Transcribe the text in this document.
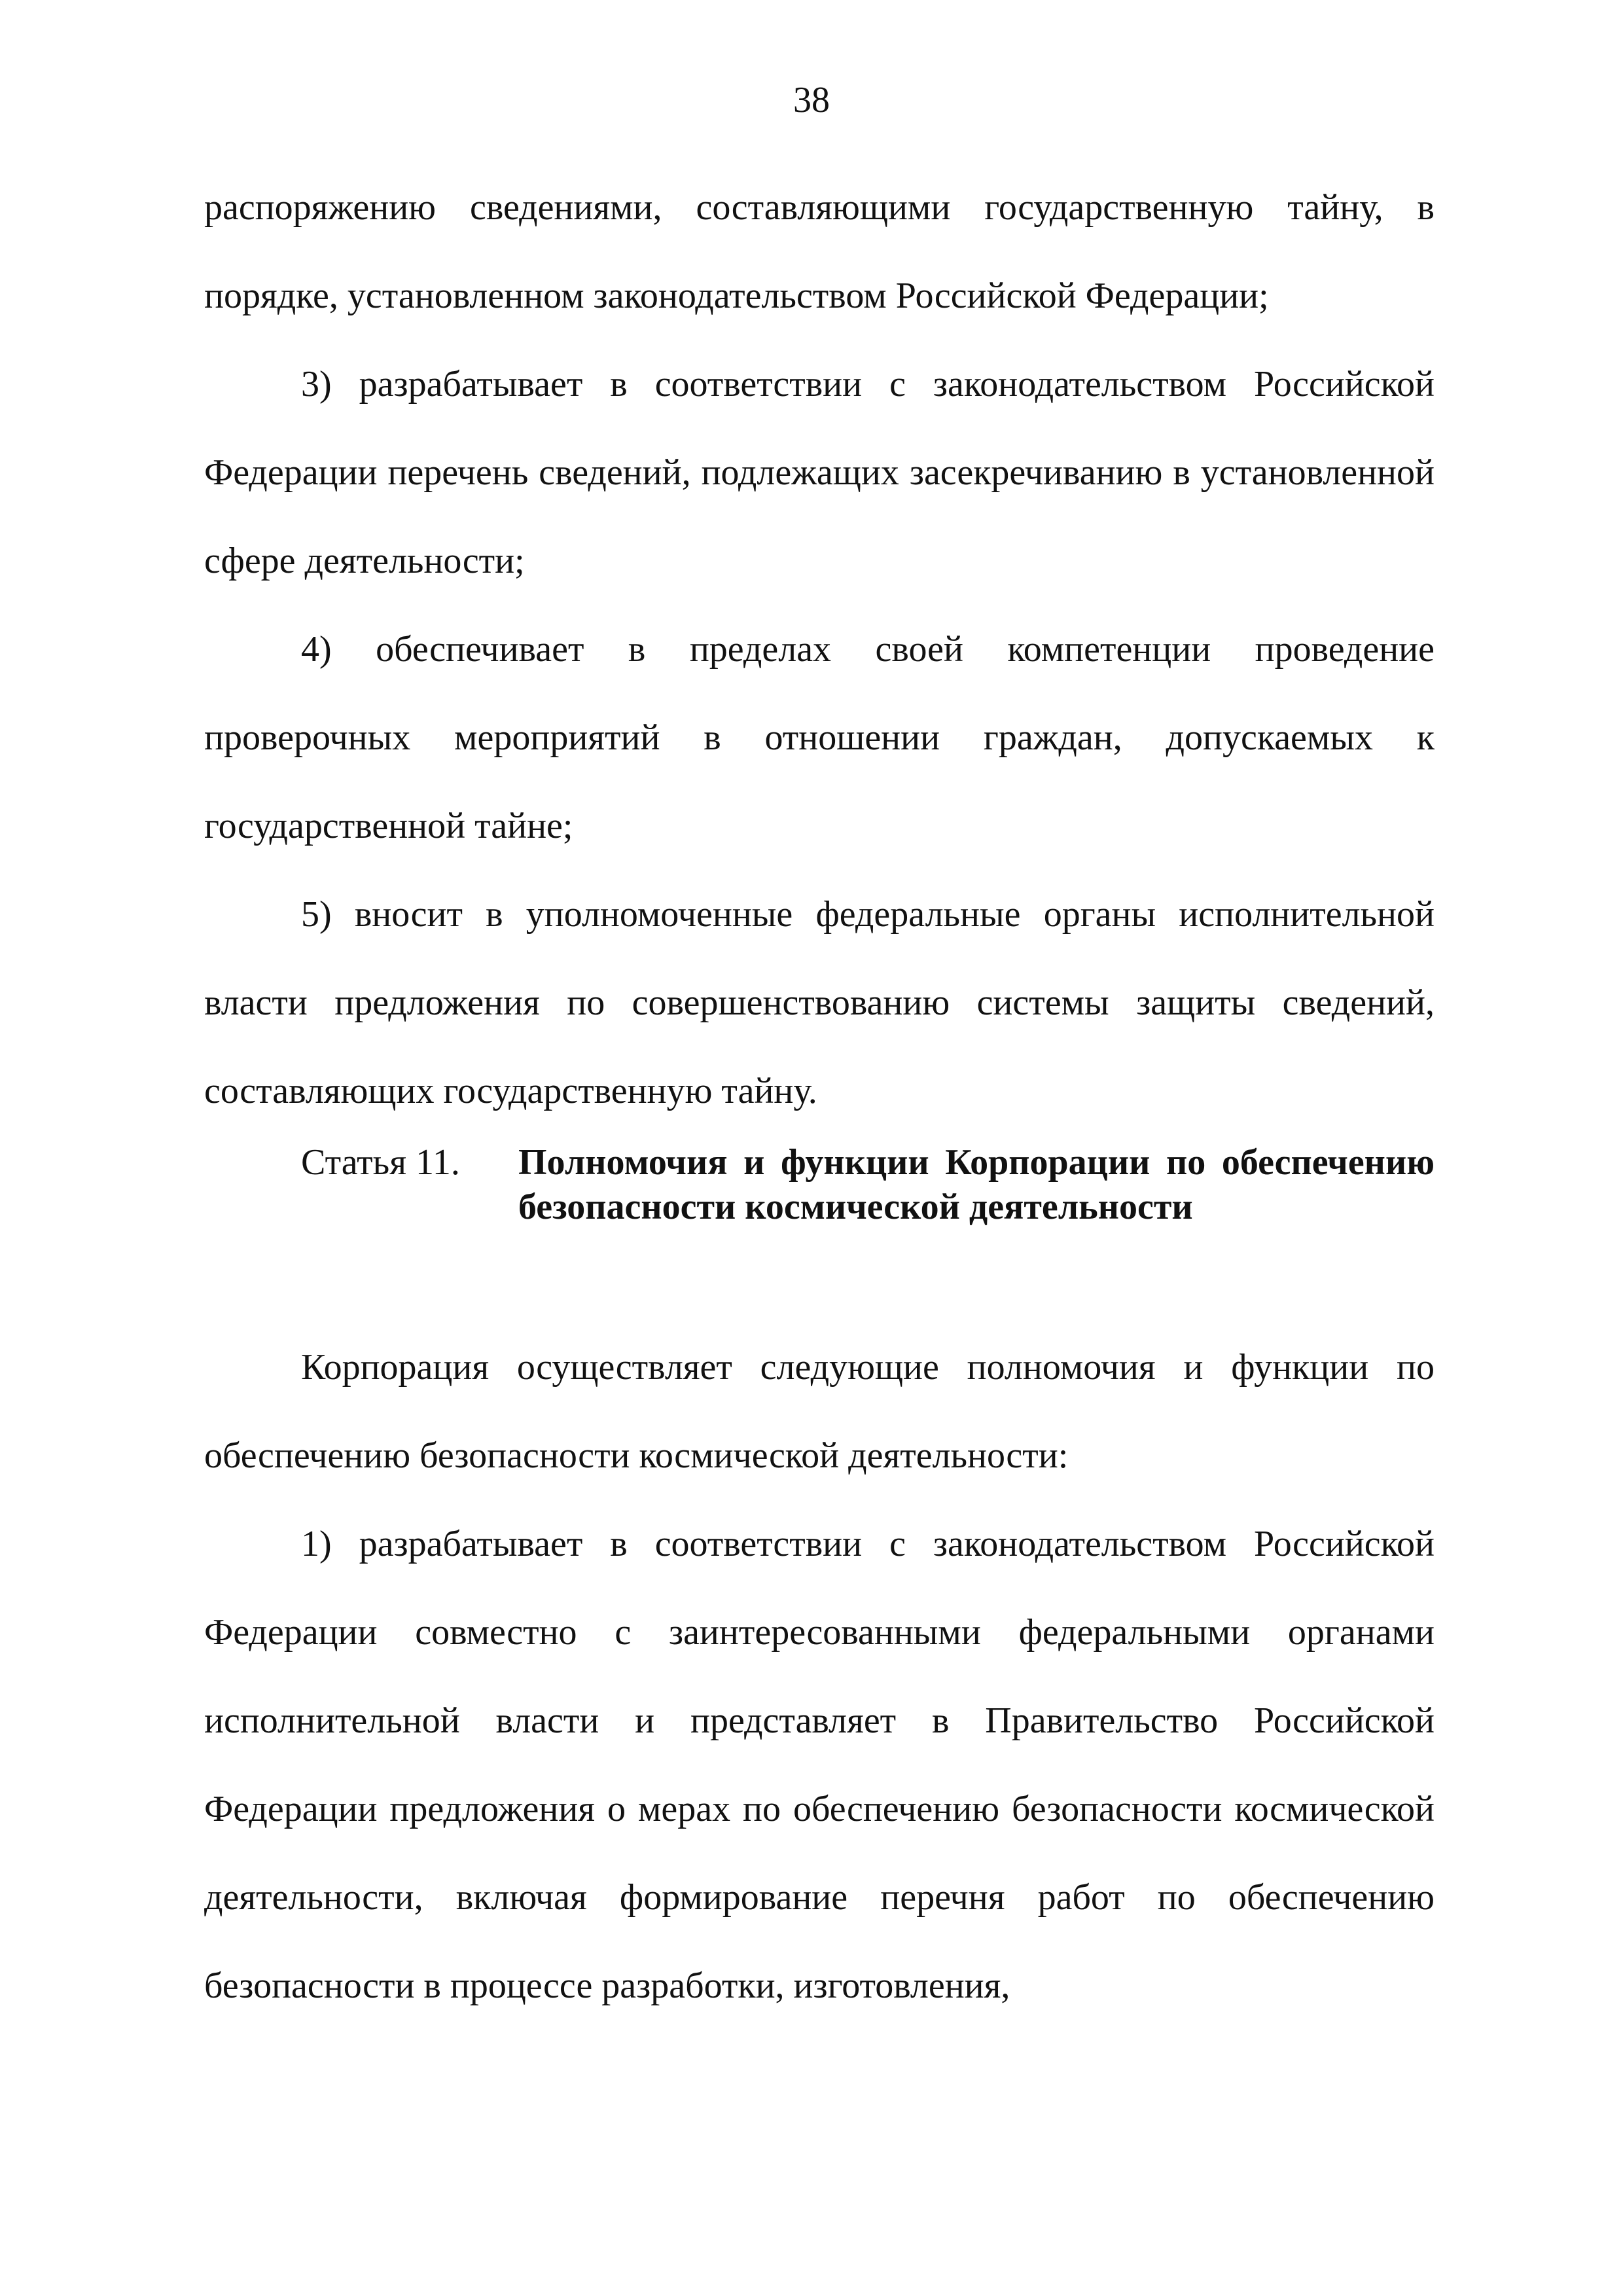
38

распоряжению сведениями, составляющими государственную тайну, в порядке, установленном законодательством Российской Федерации;

3) разрабатывает в соответствии с законодательством Российской Федерации перечень сведений, подлежащих засекречиванию в установленной сфере деятельности;

4) обеспечивает в пределах своей компетенции проведение проверочных мероприятий в отношении граждан, допускаемых к государственной тайне;

5) вносит в уполномоченные федеральные органы исполнительной власти предложения по совершенствованию системы защиты сведений, составляющих государственную тайну.

Статья 11.	Полномочия и функции Корпорации по обеспечению безопасности космической деятельности

Корпорация осуществляет следующие полномочия и функции по обеспечению безопасности космической деятельности:

1) разрабатывает в соответствии с законодательством Российской Федерации совместно с заинтересованными федеральными органами исполнительной власти и представляет в Правительство Российской Федерации предложения о мерах по обеспечению безопасности космической деятельности, включая формирование перечня работ по обеспечению безопасности в процессе разработки, изготовления,
